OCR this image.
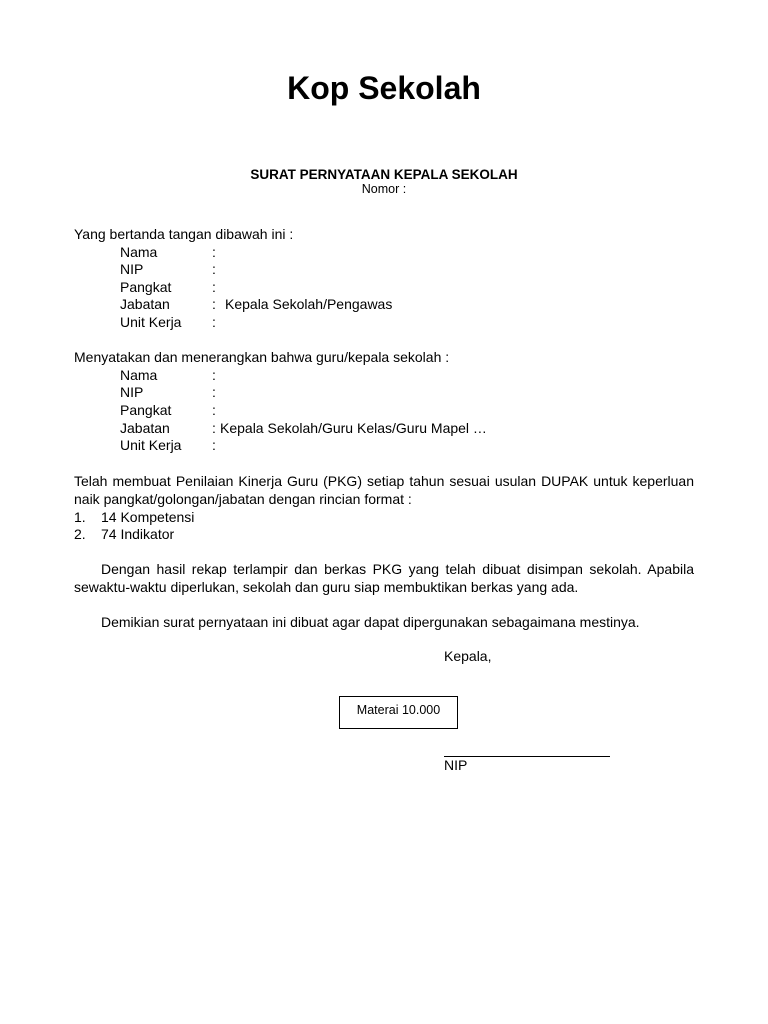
Kop Sekolah
SURAT PERNYATAAN KEPALA SEKOLAH
Nomor :
Yang bertanda tangan dibawah ini :
Nama	:
NIP	:
Pangkat	:
Jabatan	: Kepala Sekolah/Pengawas
Unit Kerja :
Menyatakan dan menerangkan bahwa guru/kepala sekolah :
Nama	:
NIP	:
Pangkat	:
Jabatan	: Kepala Sekolah/Guru Kelas/Guru Mapel …
Unit Kerja :
Telah membuat Penilaian Kinerja Guru (PKG) setiap tahun sesuai usulan DUPAK untuk keperluan naik pangkat/golongan/jabatan dengan rincian format :
1. 14 Kompetensi
2. 74 Indikator
Dengan hasil rekap terlampir dan berkas PKG yang telah dibuat disimpan sekolah. Apabila sewaktu-waktu diperlukan, sekolah dan guru siap membuktikan berkas yang ada.
Demikian surat pernyataan ini dibuat agar dapat dipergunakan sebagaimana mestinya.
Kepala,
Materai 10.000
NIP
